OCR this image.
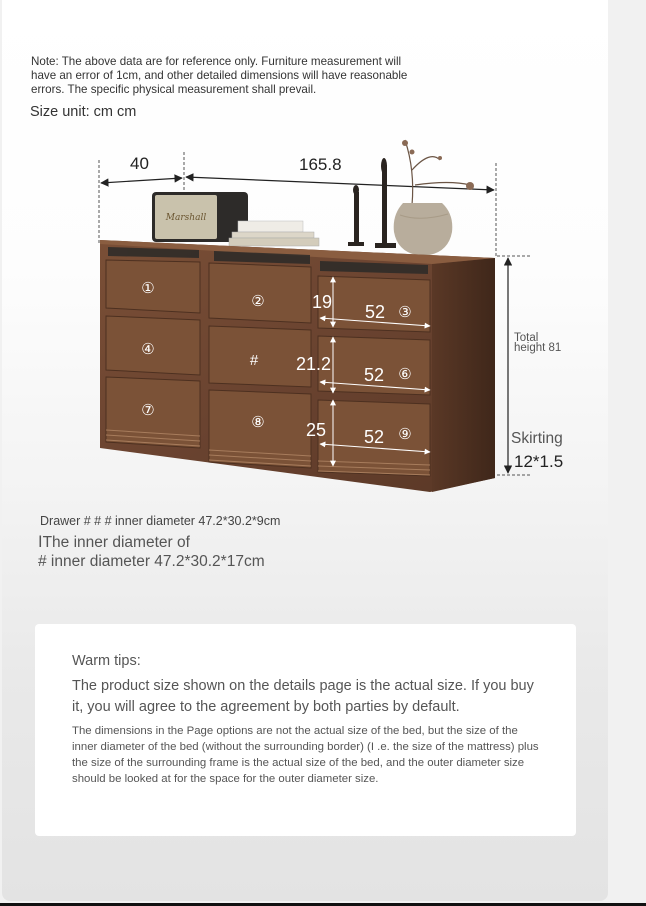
Note: The above data are for reference only. Furniture measurement will have an error of 1cm, and other detailed dimensions will have reasonable errors. The specific physical measurement shall prevail.
Size unit: cm cm
Marshall
①
②
③
④
#
⑥
⑦
⑧
⑨
19
21.2
25
52
52
52
40	165.8
Total
height 81
Skirting
12*1.5
Drawer # # # inner diameter 47.2*30.2*9cm
ⅠThe inner diameter of
# inner diameter 47.2*30.2*17cm
Warm tips:
The product size shown on the details page is the actual size. If you buy it, you will agree to the agreement by both parties by default.
The dimensions in the Page options are not the actual size of the bed, but the size of the inner diameter of the bed (without the surrounding border) (I .e. the size of the mattress) plus the size of the surrounding frame is the actual size of the bed, and the outer diameter size should be looked at for the space for the outer diameter size.
